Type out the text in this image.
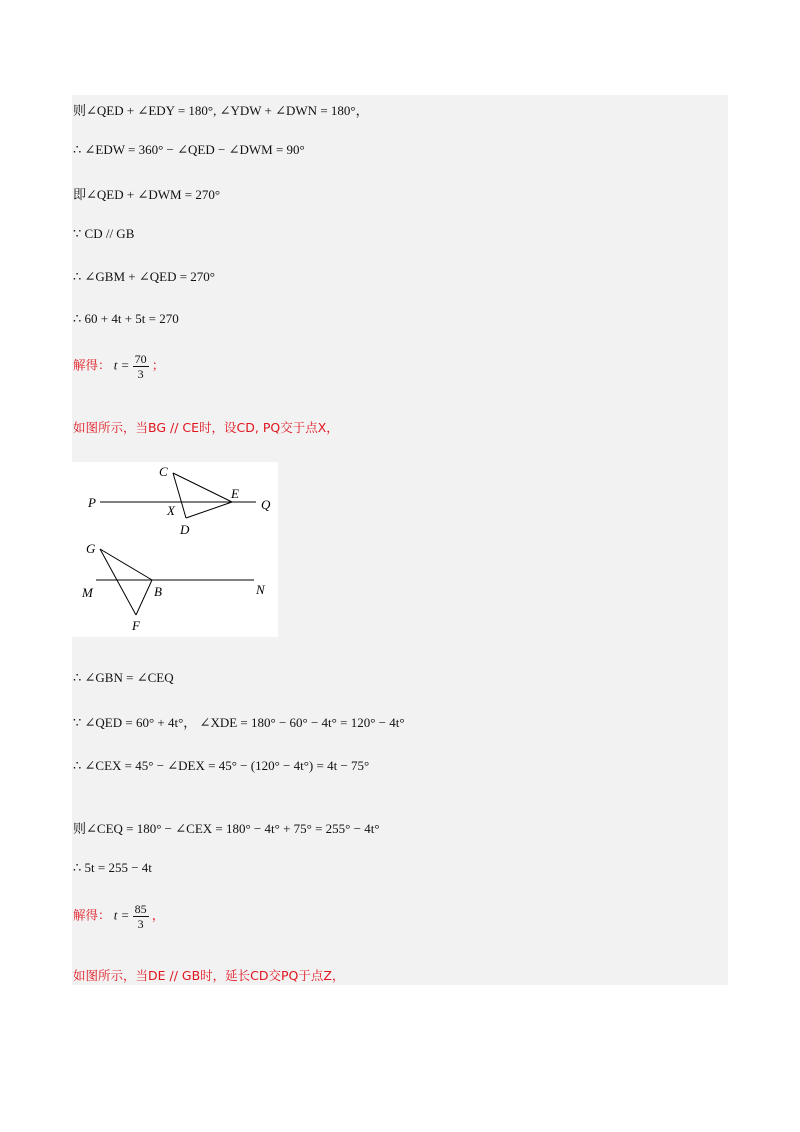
则∠QED + ∠EDY = 180°, ∠YDW + ∠DWN = 180°，
∴ ∠EDW = 360° − ∠QED − ∠DWM = 90°
即∠QED + ∠DWM = 270°
∵ CD // GB
∴ ∠GBM + ∠QED = 270°
∴ 60 + 4t + 5t = 270
解得： $t = \frac{70}{3}$ ；
如图所示，当BG // CE时，设CD, PQ交于点X，
P	Q
C
E
X
D
G
M	B	N
F
∴ ∠GBN = ∠CEQ
∵ ∠QED = 60° + 4t°， ∠XDE = 180° − 60° − 4t° = 120° − 4t°
∴ ∠CEX = 45° − ∠DEX = 45° − (120° − 4t°) = 4t − 75°
则∠CEQ = 180° − ∠CEX = 180° − 4t° + 75° = 255° − 4t°
∴ 5t = 255 − 4t
解得： $t = \frac{85}{3}$ ，
如图所示，当DE // GB时，延长CD交PQ于点Z，
